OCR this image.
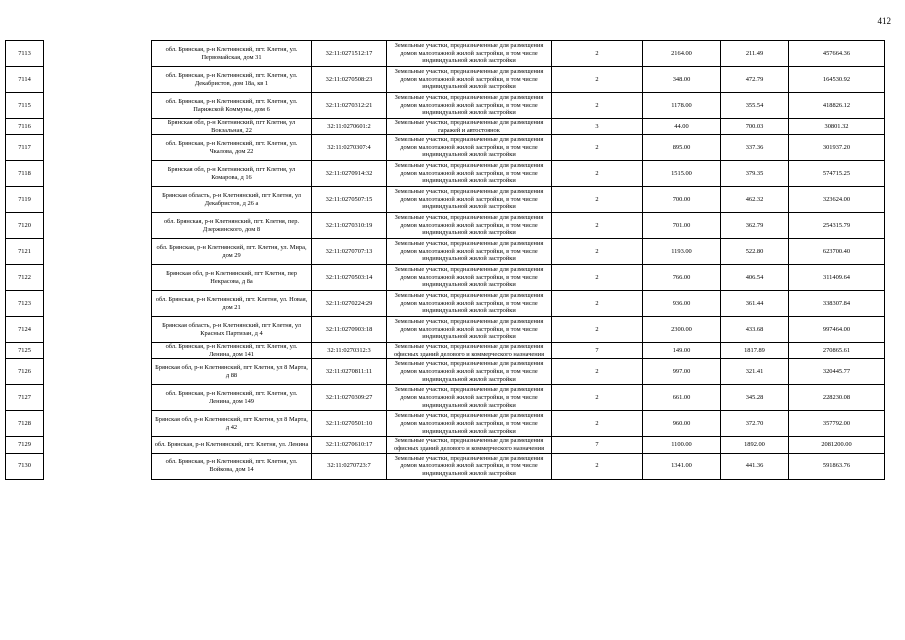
412
7113		обл. Брянская, р-н Клетнянский, пгт. Клетня, ул. Первомайская, дом 31	32:11:0271512:17	Земельные участки, предназначенные для размещения домов малоэтажной жилой застройки, в том числе индивидуальной жилой застройки	2	2164.00	211.49	457664.36
7114		обл. Брянская, р-н Клетнянский, пгт. Клетня, ул. Декабристов, дом 18а, кв 1	32:11:0270508:23	Земельные участки, предназначенные для размещения домов малоэтажной жилой застройки, в том числе индивидуальной жилой застройки	2	348.00	472.79	164530.92
7115		обл. Брянская, р-н Клетнянский, пгт. Клетня, ул. Парижской Коммуны, дом 6	32:11:0270312:21	Земельные участки, предназначенные для размещения домов малоэтажной жилой застройки, в том числе индивидуальной жилой застройки	2	1178.00	355.54	418826.12
7116		Брянская обл, р-н Клетнянский, пгт Клетня, ул Вокзальная, 22	32:11:0270601:2	Земельные участки, предназначенные для размещения гаражей и автостоянок	3	44.00	700.03	30801.32
7117		обл. Брянская, р-н Клетнянский, пгт. Клетня, ул. Чкалова, дом 22	32:11:0270307:4	Земельные участки, предназначенные для размещения домов малоэтажной жилой застройки, в том числе индивидуальной жилой застройки	2	895.00	337.36	301937.20
7118		Брянская обл, р-н Клетнянский, пгт Клетня, ул Комарова, д 16	32:11:0270914:32	Земельные участки, предназначенные для размещения домов малоэтажной жилой застройки, в том числе индивидуальной жилой застройки	2	1515.00	379.35	574715.25
7119		Брянская область, р-н Клетнянский, пгт Клетня, ул Декабристов, д 26 а	32:11:0270507:15	Земельные участки, предназначенные для размещения домов малоэтажной жилой застройки, в том числе индивидуальной жилой застройки	2	700.00	462.32	323624.00
7120		обл. Брянская, р-н Клетнянский, пгт. Клетня, пер. Дзержинского, дом 8	32:11:0270310:19	Земельные участки, предназначенные для размещения домов малоэтажной жилой застройки, в том числе индивидуальной жилой застройки	2	701.00	362.79	254315.79
7121		обл. Брянская, р-н Клетнянский, пгт. Клетня, ул. Мира, дом 29	32:11:0270707:13	Земельные участки, предназначенные для размещения домов малоэтажной жилой застройки, в том числе индивидуальной жилой застройки	2	1193.00	522.80	623700.40
7122		Брянская обл, р-н Клетнянский, пгт Клетня, пер Некрасова, д 8а	32:11:0270503:14	Земельные участки, предназначенные для размещения домов малоэтажной жилой застройки, в том числе индивидуальной жилой застройки	2	766.00	406.54	311409.64
7123		обл. Брянская, р-н Клетнянский, пгт. Клетня, ул. Новая, дом 21	32:11:0270224:29	Земельные участки, предназначенные для размещения домов малоэтажной жилой застройки, в том числе индивидуальной жилой застройки	2	936.00	361.44	338307.84
7124		Брянская область, р-н Клетнянский, пгт Клетня, ул Красных Партизан, д 4	32:11:0270903:18	Земельные участки, предназначенные для размещения домов малоэтажной жилой застройки, в том числе индивидуальной жилой застройки	2	2300.00	433.68	997464.00
7125		обл. Брянская, р-н Клетнянский, пгт. Клетня, ул. Ленина, дом 141	32:11:0270312:3	Земельные участки, предназначенные для размещения офисных зданий делового и коммерческого назначения	7	149.00	1817.89	270865.61
7126		Брянская обл, р-н Клетнянский, пгт Клетня, ул 8 Марта, д 88	32:11:0270811:11	Земельные участки, предназначенные для размещения домов малоэтажной жилой застройки, в том числе индивидуальной жилой застройки	2	997.00	321.41	320445.77
7127		обл. Брянская, р-н Клетнянский, пгт. Клетня, ул. Ленина, дом 149	32:11:0270309:27	Земельные участки, предназначенные для размещения домов малоэтажной жилой застройки, в том числе индивидуальной жилой застройки	2	661.00	345.28	228230.08
7128		Брянская обл, р-н Клетнянский, пгт Клетня, ул 8 Марта, д 42	32:11:0270501:10	Земельные участки, предназначенные для размещения домов малоэтажной жилой застройки, в том числе индивидуальной жилой застройки	2	960.00	372.70	357792.00
7129		обл. Брянская, р-н Клетнянский, пгт. Клетня, ул. Ленина	32:11:0270610:17	Земельные участки, предназначенные для размещения офисных зданий делового и коммерческого назначения	7	1100.00	1892.00	2081200.00
7130		обл. Брянская, р-н Клетнянский, пгт. Клетня, ул. Войкова, дом 14	32:11:0270723:7	Земельные участки, предназначенные для размещения домов малоэтажной жилой застройки, в том числе индивидуальной жилой застройки	2	1341.00	441.36	591863.76
